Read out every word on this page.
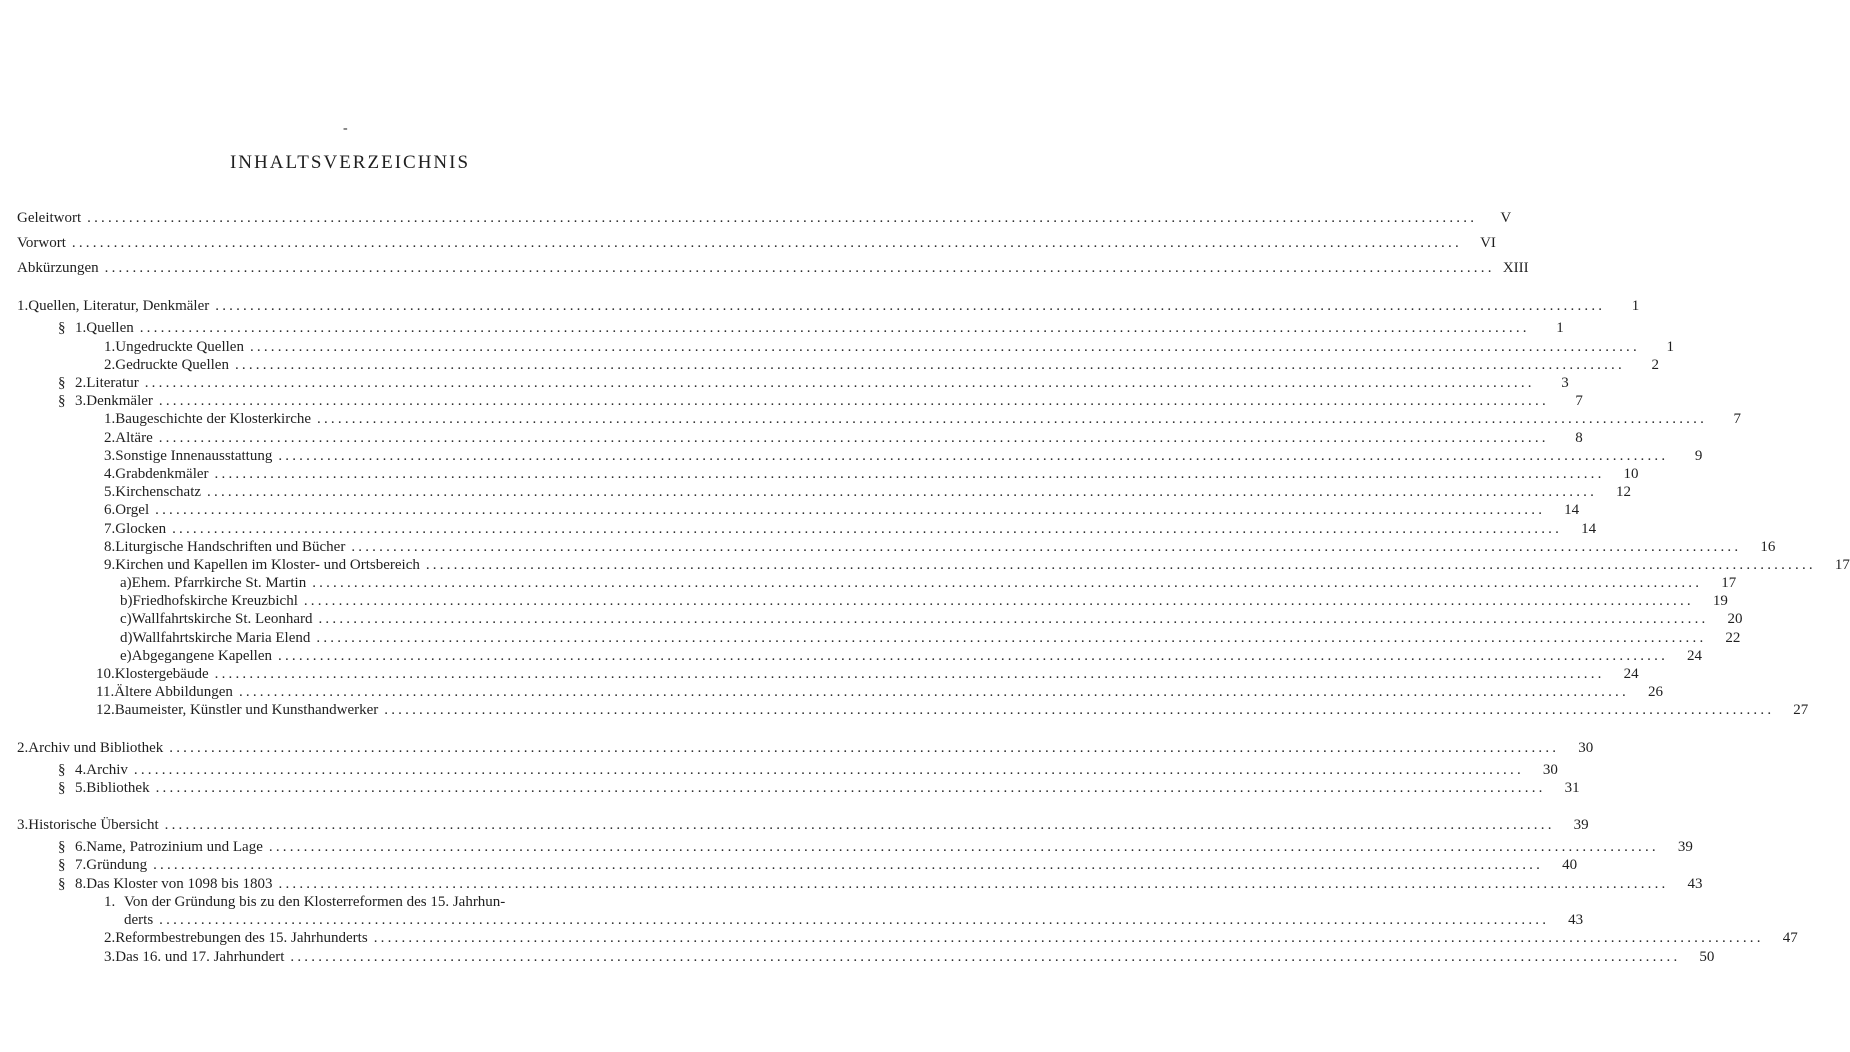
-
INHALTSVERZEICHNIS
Geleitwort ........................................................................................................................................................................................................	V
Vorwort ........................................................................................................................................................................................................	VI
Abkürzungen ........................................................................................................................................................................................................ XIII
1. Quellen, Literatur, Denkmäler ........................................................................................................................................................................................................	1
§ 1. Quellen ........................................................................................................................................................................................................	1
1. Ungedruckte Quellen ........................................................................................................................................................................................................	1
2. Gedruckte Quellen ........................................................................................................................................................................................................	2
§ 2. Literatur ........................................................................................................................................................................................................	3
§ 3. Denkmäler ........................................................................................................................................................................................................	7
1. Baugeschichte der Klosterkirche ........................................................................................................................................................................................................	7
2. Altäre ........................................................................................................................................................................................................	8
3. Sonstige Innenausstattung ........................................................................................................................................................................................................	9
4. Grabdenkmäler ........................................................................................................................................................................................................	10
5. Kirchenschatz ........................................................................................................................................................................................................	12
6. Orgel ........................................................................................................................................................................................................	14
7. Glocken ........................................................................................................................................................................................................	14
8. Liturgische Handschriften und Bücher ........................................................................................................................................................................................................	16
9. Kirchen und Kapellen im Kloster- und Ortsbereich ........................................................................................................................................................................................................	17
a) Ehem. Pfarrkirche St. Martin ........................................................................................................................................................................................................	17
b) Friedhofskirche Kreuzbichl ........................................................................................................................................................................................................	19
c) Wallfahrtskirche St. Leonhard ........................................................................................................................................................................................................	20
d) Wallfahrtskirche Maria Elend ........................................................................................................................................................................................................	22
e) Abgegangene Kapellen ........................................................................................................................................................................................................	24
10. Klostergebäude ........................................................................................................................................................................................................	24
11. Ältere Abbildungen ........................................................................................................................................................................................................	26
12. Baumeister, Künstler und Kunsthandwerker ........................................................................................................................................................................................................	27
2. Archiv und Bibliothek ........................................................................................................................................................................................................	30
§ 4. Archiv ........................................................................................................................................................................................................	30
§ 5. Bibliothek ........................................................................................................................................................................................................	31
3. Historische Übersicht ........................................................................................................................................................................................................	39
§ 6. Name, Patrozinium und Lage ........................................................................................................................................................................................................	39
§ 7. Gründung ........................................................................................................................................................................................................	40
§ 8. Das Kloster von 1098 bis 1803 ........................................................................................................................................................................................................	43
1. Von der Gründung bis zu den Klosterreformen des 15. Jahrhun-
derts ........................................................................................................................................................................................................	43
2. Reformbestrebungen des 15. Jahrhunderts ........................................................................................................................................................................................................	47
3. Das 16. und 17. Jahrhundert ........................................................................................................................................................................................................	50
